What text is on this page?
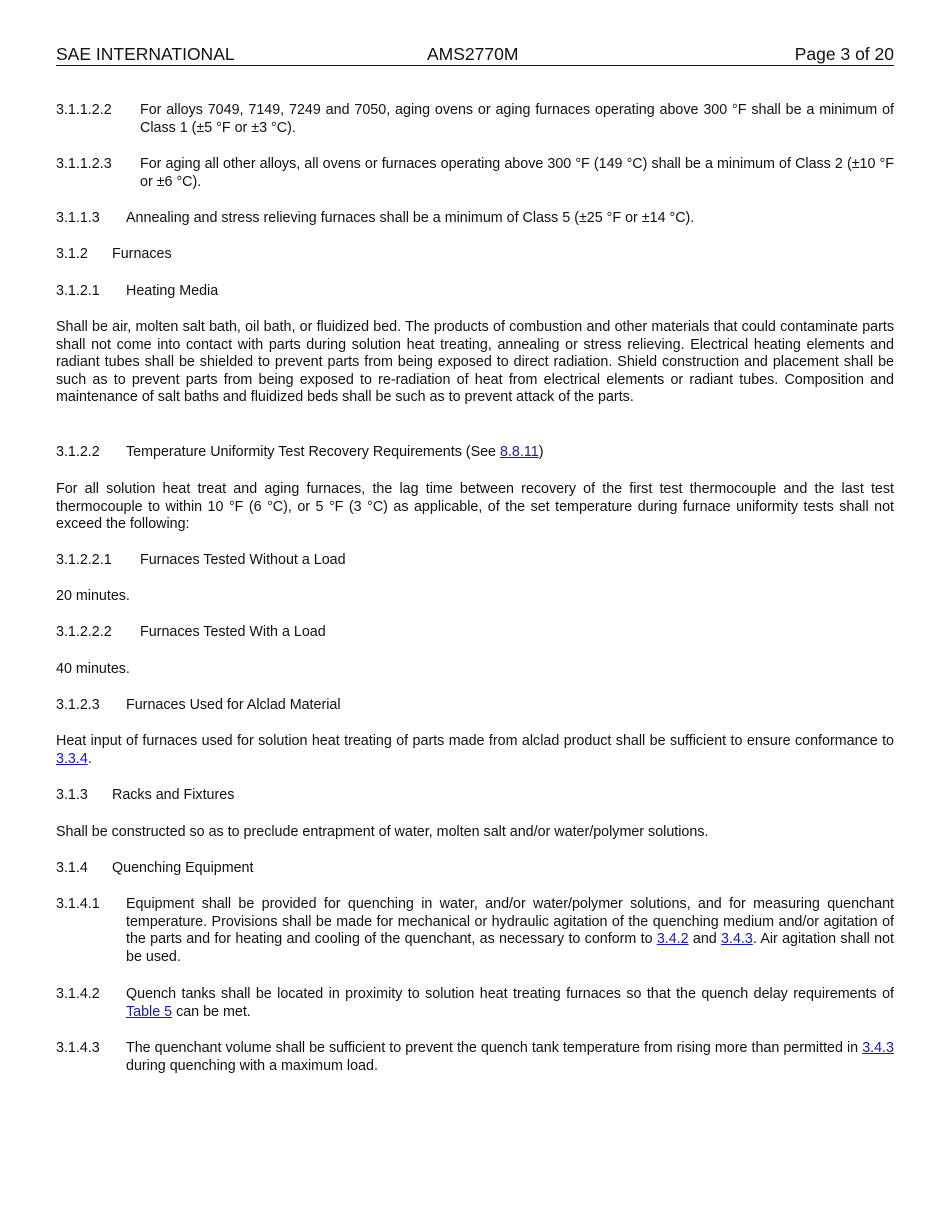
SAE INTERNATIONAL	AMS2770M	Page 3 of 20
3.1.1.2.2 For alloys 7049, 7149, 7249 and 7050, aging ovens or aging furnaces operating above 300 °F shall be a minimum of Class 1 (±5 °F or ±3 °C).
3.1.1.2.3 For aging all other alloys, all ovens or furnaces operating above 300 °F (149 °C) shall be a minimum of Class 2 (±10 °F or ±6 °C).
3.1.1.3 Annealing and stress relieving furnaces shall be a minimum of Class 5 (±25 °F or ±14 °C).
3.1.2 Furnaces
3.1.2.1 Heating Media
Shall be air, molten salt bath, oil bath, or fluidized bed. The products of combustion and other materials that could contaminate parts shall not come into contact with parts during solution heat treating, annealing or stress relieving. Electrical heating elements and radiant tubes shall be shielded to prevent parts from being exposed to direct radiation. Shield construction and placement shall be such as to prevent parts from being exposed to re-radiation of heat from electrical elements or radiant tubes. Composition and maintenance of salt baths and fluidized beds shall be such as to prevent attack of the parts.
3.1.2.2 Temperature Uniformity Test Recovery Requirements (See 8.8.11)
For all solution heat treat and aging furnaces, the lag time between recovery of the first test thermocouple and the last test thermocouple to within 10 °F (6 °C), or 5 °F (3 °C) as applicable, of the set temperature during furnace uniformity tests shall not exceed the following:
3.1.2.2.1 Furnaces Tested Without a Load
20 minutes.
3.1.2.2.2 Furnaces Tested With a Load
40 minutes.
3.1.2.3 Furnaces Used for Alclad Material
Heat input of furnaces used for solution heat treating of parts made from alclad product shall be sufficient to ensure conformance to 3.3.4.
3.1.3 Racks and Fixtures
Shall be constructed so as to preclude entrapment of water, molten salt and/or water/polymer solutions.
3.1.4 Quenching Equipment
3.1.4.1 Equipment shall be provided for quenching in water, and/or water/polymer solutions, and for measuring quenchant temperature. Provisions shall be made for mechanical or hydraulic agitation of the quenching medium and/or agitation of the parts and for heating and cooling of the quenchant, as necessary to conform to 3.4.2 and 3.4.3. Air agitation shall not be used.
3.1.4.2 Quench tanks shall be located in proximity to solution heat treating furnaces so that the quench delay requirements of Table 5 can be met.
3.1.4.3 The quenchant volume shall be sufficient to prevent the quench tank temperature from rising more than permitted in 3.4.3 during quenching with a maximum load.
